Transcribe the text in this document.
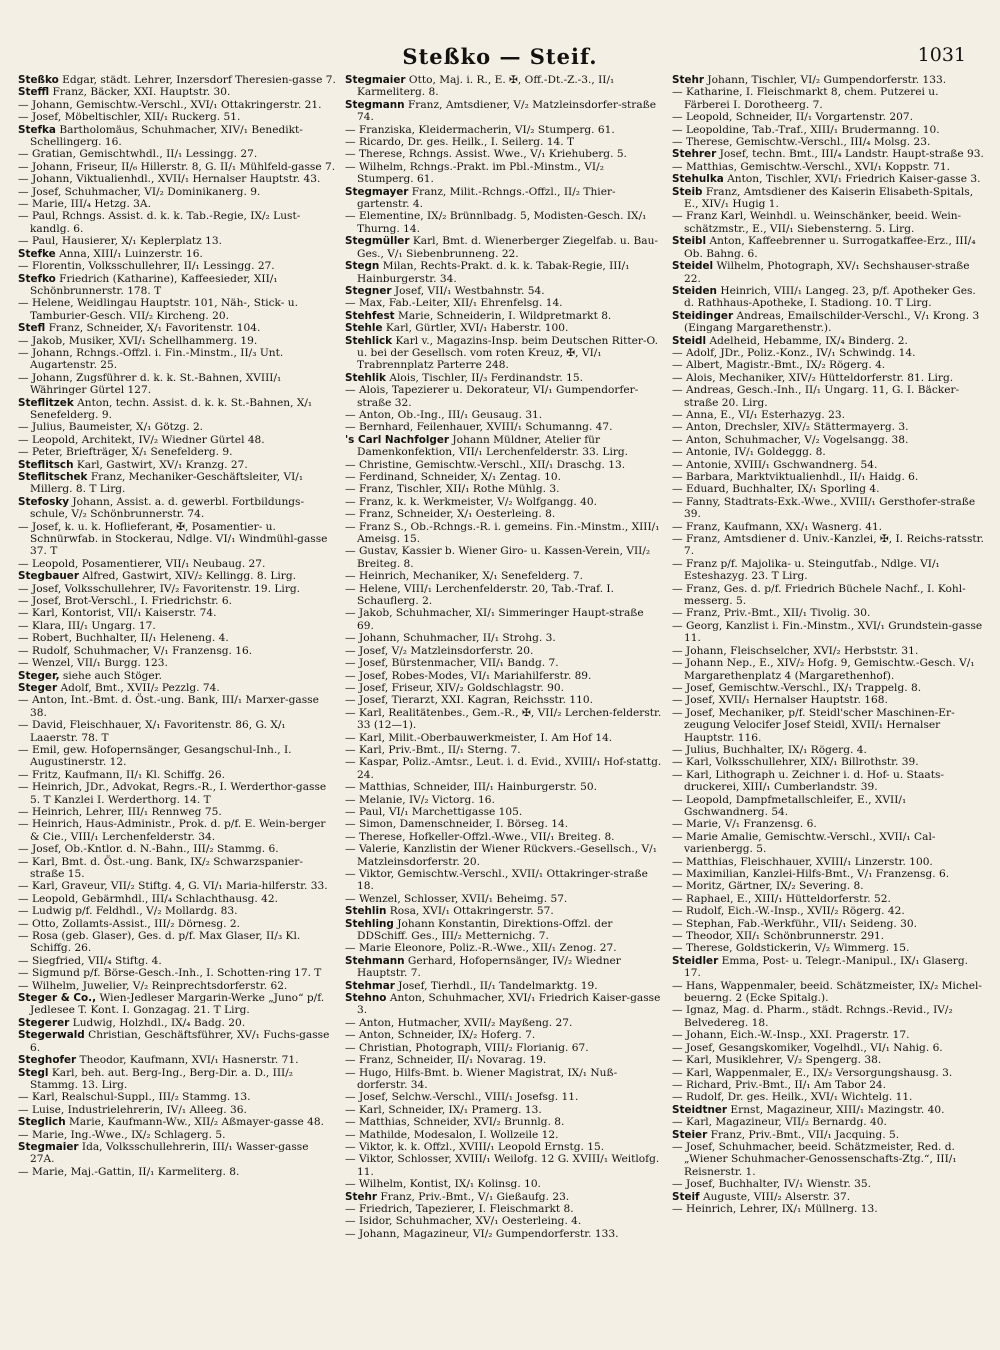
Steßko — Steif.	1031
Steßko Edgar, städt. Lehrer, Inzersdorf Theresien-gasse 7.
Steffl Franz, Bäcker, XXI. Hauptstr. 30.
— Johann, Gemischtw.-Verschl., XVI/₁ Ottakringerstr. 21.
— Josef, Möbeltischler, XII/₁ Ruckerg. 51.
Stefka Bartholomäus, Schuhmacher, XIV/₁ Benedikt-Schellingerg. 16.
— Gratian, Gemischtwhdl., II/₁ Lessingg. 27.
— Johann, Friseur, II/₆ Hillerstr. 8, G. II/₁ Mühlfeld-gasse 7.
— Johann, Viktualienhdl., XVII/₁ Hernalser Hauptstr. 43.
— Josef, Schuhmacher, VI/₂ Dominikanerg. 9.
— Marie, III/₄ Hetzg. 3A.
— Paul, Rchngs. Assist. d. k. k. Tab.-Regie, IX/₂ Lust-kandlg. 6.
— Paul, Hausierer, X/₁ Keplerplatz 13.
Stefke Anna, XIII/₁ Luinzerstr. 16.
— Florentin, Volksschullehrer, II/₁ Lessingg. 27.
Stefko Friedrich (Katharine), Kaffeesieder, XII/₁ Schönbrunnerstr. 178. T
— Helene, Weidlingau Hauptstr. 101, Näh-, Stick- u. Tamburier-Gesch. VII/₂ Kircheng. 20.
Stefl Franz, Schneider, X/₁ Favoritenstr. 104.
— Jakob, Musiker, XVI/₁ Schellhammerg. 19.
— Johann, Rchngs.-Offzl. i. Fin.-Minstm., II/₃ Unt. Augartenstr. 25.
— Johann, Zugsführer d. k. k. St.-Bahnen, XVIII/₁ Währinger Gürtel 127.
Steflitzek Anton, techn. Assist. d. k. k. St.-Bahnen, X/₁ Senefelderg. 9.
— Julius, Baumeister, X/₁ Götzg. 2.
— Leopold, Architekt, IV/₂ Wiedner Gürtel 48.
— Peter, Briefträger, X/₁ Senefelderg. 9.
Steflitsch Karl, Gastwirt, XV/₁ Kranzg. 27.
Steflitschek Franz, Mechaniker-Geschäftsleiter, VI/₁ Millerg. 8. T Lirg.
Stefosky Johann, Assist. a. d. gewerbl. Fortbildungs-schule, V/₂ Schönbrunnerstr. 74.
— Josef, k. u. k. Hoflieferant, ✠, Posamentier- u. Schnürwfab. in Stockerau, Ndlge. VI/₁ Windmühl-gasse 37. T
— Leopold, Posamentierer, VII/₁ Neubaug. 27.
Stegbauer Alfred, Gastwirt, XIV/₂ Kellingg. 8. Lirg.
— Josef, Volksschullehrer, IV/₂ Favoritenstr. 19. Lirg.
— Josef, Brot-Verschl., I. Friedrichstr. 6.
— Karl, Kontorist, VII/₁ Kaiserstr. 74.
— Klara, III/₁ Ungarg. 17.
— Robert, Buchhalter, II/₁ Heleneng. 4.
— Rudolf, Schuhmacher, V/₁ Franzensg. 16.
— Wenzel, VII/₁ Burgg. 123.
Steger, siehe auch Stöger.
Steger Adolf, Bmt., XVII/₂ Pezzlg. 74.
— Anton, Int.-Bmt. d. Öst.-ung. Bank, III/₁ Marxer-gasse 38.
— David, Fleischhauer, X/₁ Favoritenstr. 86, G. X/₁ Laaerstr. 78. T
— Emil, gew. Hofopernsänger, Gesangschul-Inh., I. Augustinerstr. 12.
— Fritz, Kaufmann, II/₁ Kl. Schiffg. 26.
— Heinrich, JDr., Advokat, Regrs.-R., I. Werderthor-gasse 5. T Kanzlei I. Werderthorg. 14. T
— Heinrich, Lehrer, III/₁ Rennweg 75.
— Heinrich, Haus-Administr., Prok. d. p/f. E. Wein-berger & Cie., VIII/₁ Lerchenfelderstr. 34.
— Josef, Ob.-Kntlor. d. N.-Bahn., III/₂ Stammg. 6.
— Karl, Bmt. d. Öst.-ung. Bank, IX/₂ Schwarzspanier-straße 15.
— Karl, Graveur, VII/₂ Stiftg. 4, G. VI/₁ Maria-hilferstr. 33.
— Leopold, Gebärmhdl., III/₄ Schlachthausg. 42.
— Ludwig p/f. Feldhdl., V/₂ Mollardg. 83.
— Otto, Zollamts-Assist., III/₂ Dörnesg. 2.
— Rosa (geb. Glaser), Ges. d. p/f. Max Glaser, II/₃ Kl. Schiffg. 26.
— Siegfried, VII/₄ Stiftg. 4.
— Sigmund p/f. Börse-Gesch.-Inh., I. Schotten-ring 17. T
— Wilhelm, Juwelier, V/₂ Reinprechtsdorferstr. 62.
Steger & Co., Wien-Jedleser Margarin-Werke „Juno“ p/f. Jedlesee T. Kont. I. Gonzagag. 21. T Lirg.
Stegerer Ludwig, Holzhdl., IX/₄ Badg. 20.
Stegerwald Christian, Geschäftsführer, XV/₁ Fuchs-gasse 6.
Steghofer Theodor, Kaufmann, XVI/₁ Hasnerstr. 71.
Stegl Karl, beh. aut. Berg-Ing., Berg-Dir. a. D., III/₂ Stammg. 13. Lirg.
— Karl, Realschul-Suppl., III/₂ Stammg. 13.
— Luise, Industrielehrerin, IV/₁ Alleeg. 36.
Steglich Marie, Kaufmann-Ww., XII/₂ Aßmayer-gasse 48.
— Marie, Ing.-Wwe., IX/₂ Schlagerg. 5.
Stegmaier Ida, Volksschullehrerin, III/₁ Wasser-gasse 27A.
— Marie, Maj.-Gattin, II/₁ Karmeliterg. 8.
Stegmaier Otto, Maj. i. R., E. ✠, Off.-Dt.-Z.-3., II/₁ Karmeliterg. 8.
Stegmann Franz, Amtsdiener, V/₂ Matzleinsdorfer-straße 74.
— Franziska, Kleidermacherin, VI/₂ Stumperg. 61.
— Ricardo, Dr. ges. Heilk., I. Seilerg. 14. T
— Therese, Rchngs. Assist. Wwe., V/₁ Kriehuberg. 5.
— Wilhelm, Rchngs.-Prakt. im Pbl.-Minstm., VI/₂ Stumperg. 61.
Stegmayer Franz, Milit.-Rchngs.-Offzl., II/₂ Thier-gartenstr. 4.
— Elementine, IX/₂ Brünnlbadg. 5, Modisten-Gesch. IX/₁ Thurng. 14.
Stegmüller Karl, Bmt. d. Wienerberger Ziegelfab. u. Bau-Ges., V/₁ Siebenbrunneng. 22.
Stegn Milan, Rechts-Prakt. d. k. k. Tabak-Regie, III/₁ Hainburgerstr. 34.
Stegner Josef, VII/₁ Westbahnstr. 54.
— Max, Fab.-Leiter, XII/₁ Ehrenfelsg. 14.
Stehfest Marie, Schneiderin, I. Wildpretmarkt 8.
Stehle Karl, Gürtler, XVI/₁ Haberstr. 100.
Stehlick Karl v., Magazins-Insp. beim Deutschen Ritter-O. u. bei der Gesellsch. vom roten Kreuz, ✠, VI/₁ Trabrennplatz Parterre 248.
Stehlik Alois, Tischler, II/₃ Ferdinandstr. 15.
— Alois, Tapezierer u. Dekorateur, VI/₁ Gumpendorfer-straße 32.
— Anton, Ob.-Ing., III/₁ Geusaug. 31.
— Bernhard, Feilenhauer, XVIII/₁ Schumanng. 47.
's Carl Nachfolger Johann Müldner, Atelier für Damenkonfektion, VII/₁ Lerchenfelderstr. 33. Lirg.
— Christine, Gemischtw.-Verschl., XII/₁ Draschg. 13.
— Ferdinand, Schneider, X/₁ Zentag. 10.
— Franz, Tischler, XII/₁ Rothe Mühlg. 3.
— Franz, k. k. Werkmeister, V/₂ Wolfgangg. 40.
— Franz, Schneider, X/₁ Oesterleing. 8.
— Franz S., Ob.-Rchngs.-R. i. gemeins. Fin.-Minstm., XIII/₁ Ameisg. 15.
— Gustav, Kassier b. Wiener Giro- u. Kassen-Verein, VII/₂ Breiteg. 8.
— Heinrich, Mechaniker, X/₁ Senefelderg. 7.
— Helene, VIII/₁ Lerchenfelderstr. 20, Tab.-Traf. I. Schauflerg. 2.
— Jakob, Schuhmacher, XI/₁ Simmeringer Haupt-straße 69.
— Johann, Schuhmacher, II/₁ Strohg. 3.
— Josef, V/₂ Matzleinsdorferstr. 20.
— Josef, Bürstenmacher, VII/₁ Bandg. 7.
— Josef, Robes-Modes, VI/₁ Mariahilferstr. 89.
— Josef, Friseur, XIV/₂ Goldschlagstr. 90.
— Josef, Tierarzt, XXI. Kagran, Reichsstr. 110.
— Karl, Realitätenbes., Gem.-R., ✠, VII/₂ Lerchen-felderstr. 33 (12—1).
— Karl, Milit.-Oberbauwerkmeister, I. Am Hof 14.
— Karl, Priv.-Bmt., II/₁ Sterng. 7.
— Kaspar, Poliz.-Amtsr., Leut. i. d. Evid., XVIII/₁ Hof-stattg. 24.
— Matthias, Schneider, III/₁ Hainburgerstr. 50.
— Melanie, IV/₂ Victorg. 16.
— Paul, VI/₁ Marchettigasse 105.
— Simon, Damenschneider, I. Börseg. 14.
— Therese, Hofkeller-Offzl.-Wwe., VII/₁ Breiteg. 8.
— Valerie, Kanzlistin der Wiener Rückvers.-Gesellsch., V/₁ Matzleinsdorferstr. 20.
— Viktor, Gemischtw.-Verschl., XVII/₁ Ottakringer-straße 18.
— Wenzel, Schlosser, XVII/₁ Beheimg. 57.
Stehlin Rosa, XVI/₁ Ottakringerstr. 57.
Stehling Johann Konstantin, Direktions-Offzl. der DDSchiff. Ges., III/₂ Metternichg. 7.
— Marie Eleonore, Poliz.-R.-Wwe., XII/₁ Zenog. 27.
Stehmann Gerhard, Hofopernsänger, IV/₂ Wiedner Hauptstr. 7.
Stehmar Josef, Tierhdl., II/₁ Tandelmarktg. 19.
Stehno Anton, Schuhmacher, XVI/₁ Friedrich Kaiser-gasse 3.
— Anton, Hutmacher, XVII/₂ Mayßeng. 27.
— Anton, Schneider, IX/₂ Hoferg. 7.
— Christian, Photograph, VIII/₂ Florianig. 67.
— Franz, Schneider, II/₁ Novarag. 19.
— Hugo, Hilfs-Bmt. b. Wiener Magistrat, IX/₁ Nuß-dorferstr. 34.
— Josef, Selchw.-Verschl., VIII/₁ Josefsg. 11.
— Karl, Schneider, IX/₁ Pramerg. 13.
— Matthias, Schneider, XVI/₂ Brunnlg. 8.
— Mathilde, Modesalon, I. Wollzeile 12.
— Viktor, k. k. Offzl., XVIII/₁ Leopold Ernstg. 15.
— Viktor, Schlosser, XVIII/₁ Weilofg. 12 G. XVIII/₁ Weitlofg. 11.
— Wilhelm, Kontist, IX/₁ Kolinsg. 10.
Stehr Franz, Priv.-Bmt., V/₁ Gießaufg. 23.
— Friedrich, Tapezierer, I. Fleischmarkt 8.
— Isidor, Schuhmacher, XV/₁ Oesterleing. 4.
— Johann, Magazineur, VI/₂ Gumpendorferstr. 133.
Stehr Johann, Tischler, VI/₂ Gumpendorferstr. 133.
— Katharine, I. Fleischmarkt 8, chem. Putzerei u. Färberei I. Dorotheerg. 7.
— Leopold, Schneider, II/₁ Vorgartenstr. 207.
— Leopoldine, Tab.-Traf., XIII/₁ Brudermanng. 10.
— Therese, Gemischtw.-Verschl., III/₄ Molsg. 23.
Stehrer Josef, techn. Bmt., III/₄ Landstr. Haupt-straße 93.
— Matthias, Gemischtw.-Verschl., XVI/₁ Koppstr. 71.
Stehulka Anton, Tischler, XVI/₁ Friedrich Kaiser-gasse 3.
Steib Franz, Amtsdiener des Kaiserin Elisabeth-Spitals, E., XIV/₁ Hugig 1.
— Franz Karl, Weinhdl. u. Weinschänker, beeid. Wein-schätzmstr., E., VII/₁ Siebensterng. 5. Lirg.
Steibl Anton, Kaffeebrenner u. Surrogatkaffee-Erz., III/₄ Ob. Bahng. 6.
Steidel Wilhelm, Photograph, XV/₁ Sechshauser-straße 22.
Steiden Heinrich, VIII/₁ Langeg. 23, p/f. Apotheker Ges. d. Rathhaus-Apotheke, I. Stadiong. 10. T Lirg.
Steidinger Andreas, Emailschilder-Verschl., V/₁ Krong. 3 (Eingang Margarethenstr.).
Steidl Adelheid, Hebamme, IX/₄ Binderg. 2.
— Adolf, JDr., Poliz.-Konz., IV/₁ Schwindg. 14.
— Albert, Magistr.-Bmt., IX/₂ Rögerg. 4.
— Alois, Mechaniker, XIV/₂ Hütteldorferstr. 81. Lirg.
— Andreas, Gesch.-Inh., II/₁ Ungarg. 11, G. I. Bäcker-straße 20. Lirg.
— Anna, E., VI/₁ Esterhazyg. 23.
— Anton, Drechsler, XIV/₂ Stättermayerg. 3.
— Anton, Schuhmacher, V/₂ Vogelsangg. 38.
— Antonie, IV/₁ Goldeggg. 8.
— Antonie, XVIII/₁ Gschwandnerg. 54.
— Barbara, Marktviktualienhdl., II/₁ Haidg. 6.
— Eduard, Buchhalter, IX/₁ Sporling 4.
— Fanny, Stadtrats-Exk.-Wwe., XVIII/₁ Gersthofer-straße 39.
— Franz, Kaufmann, XX/₁ Wasnerg. 41.
— Franz, Amtsdiener d. Univ.-Kanzlei, ✠, I. Reichs-ratsstr. 7.
— Franz p/f. Majolika- u. Steingutfab., Ndlge. VI/₁ Esteshazyg. 23. T Lirg.
— Franz, Ges. d. p/f. Friedrich Büchele Nachf., I. Kohl-messerg. 5.
— Franz, Priv.-Bmt., XII/₁ Tivolig. 30.
— Georg, Kanzlist i. Fin.-Minstm., XVI/₁ Grundstein-gasse 11.
— Johann, Fleischselcher, XVI/₂ Herbststr. 31.
— Johann Nep., E., XIV/₂ Hofg. 9, Gemischtw.-Gesch. V/₁ Margarethenplatz 4 (Margarethenhof).
— Josef, Gemischtw.-Verschl., IX/₁ Trappelg. 8.
— Josef, XVII/₁ Hernalser Hauptstr. 168.
— Josef, Mechaniker, p/f. Steidl'scher Maschinen-Er-zeugung Velocifer Josef Steidl, XVII/₁ Hernalser Hauptstr. 116.
— Julius, Buchhalter, IX/₁ Rögerg. 4.
— Karl, Volksschullehrer, XIX/₁ Billrothstr. 39.
— Karl, Lithograph u. Zeichner i. d. Hof- u. Staats-druckerei, XIII/₁ Cumberlandstr. 39.
— Leopold, Dampfmetallschleifer, E., XVII/₁ Gschwandnerg. 54.
— Marie, V/₁ Franzensg. 6.
— Marie Amalie, Gemischtw.-Verschl., XVII/₁ Cal-varienbergg. 5.
— Matthias, Fleischhauer, XVIII/₁ Linzerstr. 100.
— Maximilian, Kanzlei-Hilfs-Bmt., V/₁ Franzensg. 6.
— Moritz, Gärtner, IX/₂ Severing. 8.
— Raphael, E., XIII/₁ Hütteldorferstr. 52.
— Rudolf, Eich.-W.-Insp., XVII/₂ Rögerg. 42.
— Stephan, Fab.-Werkführ., VII/₁ Seideng. 30.
— Theodor, XII/₁ Schönbrunnerstr. 291.
— Therese, Goldstickerin, V/₂ Wimmerg. 15.
Steidler Emma, Post- u. Telegr.-Manipul., IX/₁ Glaserg. 17.
— Hans, Wappenmaler, beeid. Schätzmeister, IX/₂ Michel-beuerng. 2 (Ecke Spitalg.).
— Ignaz, Mag. d. Pharm., städt. Rchngs.-Revid., IV/₂ Belvedereg. 18.
— Johann, Eich.-W.-Insp., XXI. Pragerstr. 17.
— Josef, Gesangskomiker, Vogelhdl., VI/₁ Nahig. 6.
— Karl, Musiklehrer, V/₂ Spengerg. 38.
— Karl, Wappenmaler, E., IX/₂ Versorgungshausg. 3.
— Richard, Priv.-Bmt., II/₁ Am Tabor 24.
— Rudolf, Dr. ges. Heilk., XVI/₁ Wichtelg. 11.
Steidtner Ernst, Magazineur, XIII/₁ Mazingstr. 40.
— Karl, Magazineur, VII/₂ Bernardg. 40.
Steier Franz, Priv.-Bmt., VII/₁ Jacquing. 5.
— Josef, Schuhmacher, beeid. Schätzmeister, Red. d. „Wiener Schuhmacher-Genossenschafts-Ztg.“, III/₁ Reisnerstr. 1.
— Josef, Buchhalter, IV/₁ Wienstr. 35.
Steif Auguste, VIII/₂ Alserstr. 37.
— Heinrich, Lehrer, IX/₁ Müllnerg. 13.
